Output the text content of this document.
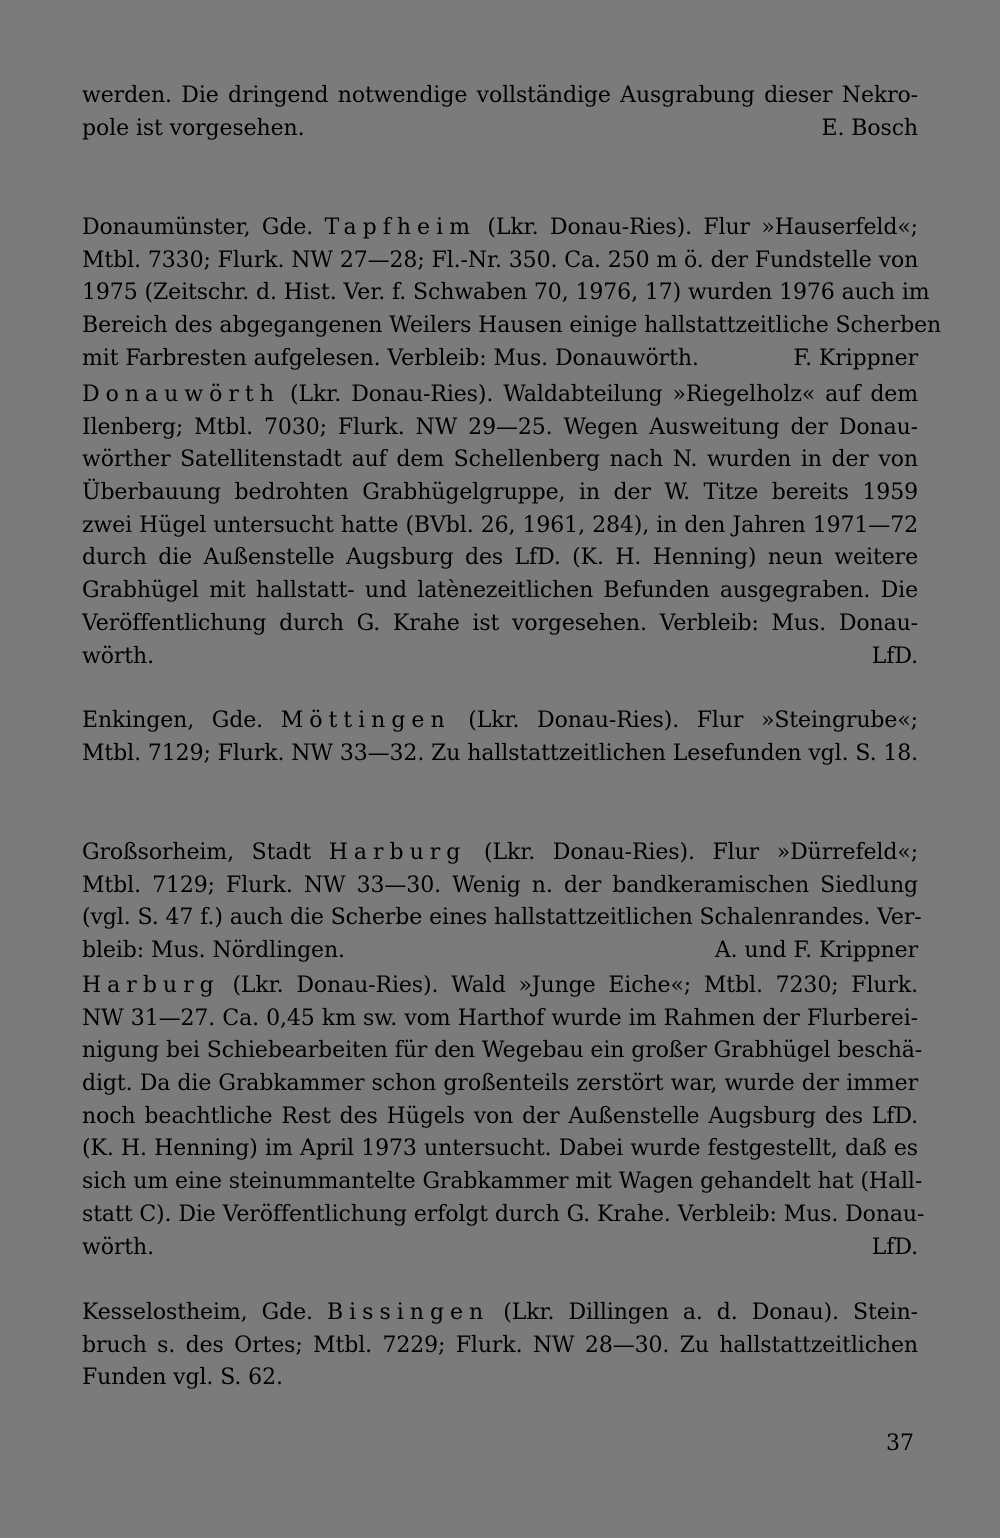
werden. Die dringend notwendige vollständige Ausgrabung dieser Nekro-
pole ist vorgesehen.	E. Bosch
Donaumünster, Gde. Tapfheim (Lkr. Donau-Ries). Flur »Hauserfeld«;
Mtbl. 7330; Flurk. NW 27—28; Fl.-Nr. 350. Ca. 250 m ö. der Fundstelle von
1975 (Zeitschr. d. Hist. Ver. f. Schwaben 70, 1976, 17) wurden 1976 auch im
Bereich des abgegangenen Weilers Hausen einige hallstattzeitliche Scherben
mit Farbresten aufgelesen. Verbleib: Mus. Donauwörth.	F. Krippner
Donauwörth (Lkr. Donau-Ries). Waldabteilung »Riegelholz« auf dem
Ilenberg; Mtbl. 7030; Flurk. NW 29—25. Wegen Ausweitung der Donau-
wörther Satellitenstadt auf dem Schellenberg nach N. wurden in der von
Überbauung bedrohten Grabhügelgruppe, in der W. Titze bereits 1959
zwei Hügel untersucht hatte (BVbl. 26, 1961, 284), in den Jahren 1971—72
durch die Außenstelle Augsburg des LfD. (K. H. Henning) neun weitere
Grabhügel mit hallstatt- und latènezeitlichen Befunden ausgegraben. Die
Veröffentlichung durch G. Krahe ist vorgesehen. Verbleib: Mus. Donau-
wörth.	LfD.
Enkingen, Gde. Möttingen (Lkr. Donau-Ries). Flur »Steingrube«;
Mtbl. 7129; Flurk. NW 33—32. Zu hallstattzeitlichen Lesefunden vgl. S. 18.
Großsorheim, Stadt Harburg (Lkr. Donau-Ries). Flur »Dürrefeld«;
Mtbl. 7129; Flurk. NW 33—30. Wenig n. der bandkeramischen Siedlung
(vgl. S. 47 f.) auch die Scherbe eines hallstattzeitlichen Schalenrandes. Ver-
bleib: Mus. Nördlingen.	A. und F. Krippner
Harburg (Lkr. Donau-Ries). Wald »Junge Eiche«; Mtbl. 7230; Flurk.
NW 31—27. Ca. 0,45 km sw. vom Harthof wurde im Rahmen der Flurberei-
nigung bei Schiebearbeiten für den Wegebau ein großer Grabhügel beschä-
digt. Da die Grabkammer schon großenteils zerstört war, wurde der immer
noch beachtliche Rest des Hügels von der Außenstelle Augsburg des LfD.
(K. H. Henning) im April 1973 untersucht. Dabei wurde festgestellt, daß es
sich um eine steinummantelte Grabkammer mit Wagen gehandelt hat (Hall-
statt C). Die Veröffentlichung erfolgt durch G. Krahe. Verbleib: Mus. Donau-
wörth.	LfD.
Kesselostheim, Gde. Bissingen (Lkr. Dillingen a. d. Donau). Stein-
bruch s. des Ortes; Mtbl. 7229; Flurk. NW 28—30. Zu hallstattzeitlichen
Funden vgl. S. 62.
37
